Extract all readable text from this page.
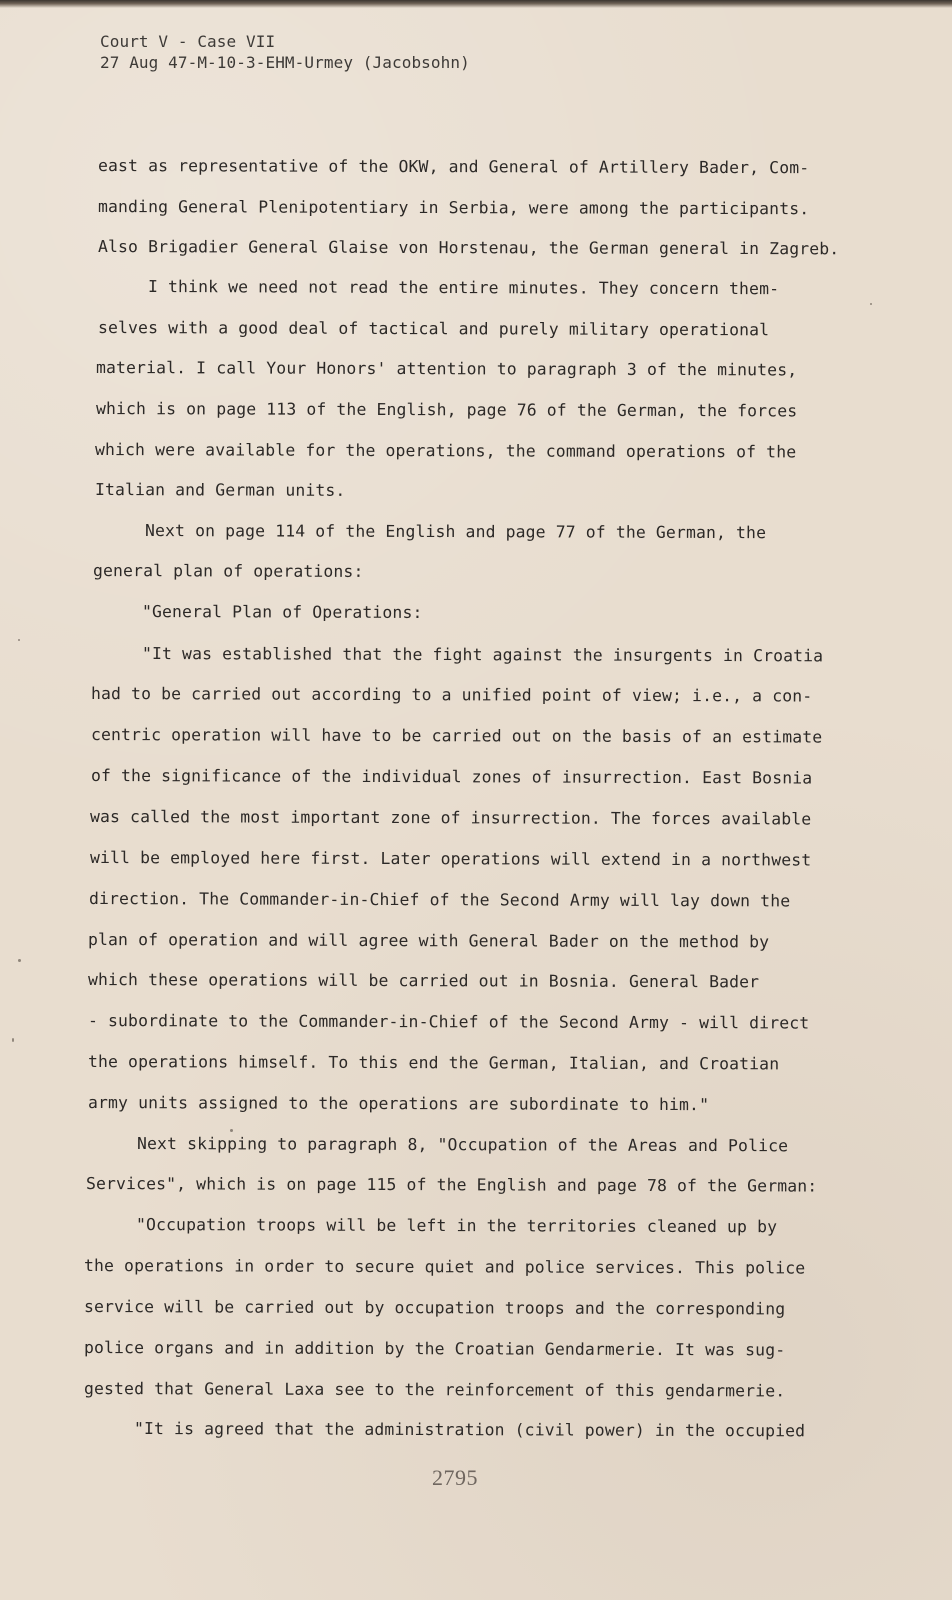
Court V - Case VII
27 Aug 47-M-10-3-EHM-Urmey (Jacobsohn)
east as representative of the OKW, and General of Artillery Bader, Com-
manding General Plenipotentiary in Serbia, were among the participants.
Also Brigadier General Glaise von Horstenau, the German general in Zagreb.
I think we need not read the entire minutes. They concern them-
selves with a good deal of tactical and purely military operational
material. I call Your Honors' attention to paragraph 3 of the minutes,
which is on page 113 of the English, page 76 of the German, the forces
which were available for the operations, the command operations of the
Italian and German units.
Next on page 114 of the English and page 77 of the German, the
general plan of operations:
"General Plan of Operations:
"It was established that the fight against the insurgents in Croatia
had to be carried out according to a unified point of view; i.e., a con-
centric operation will have to be carried out on the basis of an estimate
of the significance of the individual zones of insurrection. East Bosnia
was called the most important zone of insurrection. The forces available
will be employed here first. Later operations will extend in a northwest
direction. The Commander-in-Chief of the Second Army will lay down the
plan of operation and will agree with General Bader on the method by
which these operations will be carried out in Bosnia. General Bader
- subordinate to the Commander-in-Chief of the Second Army - will direct
the operations himself. To this end the German, Italian, and Croatian
army units assigned to the operations are subordinate to him."
Next skipping to paragraph 8, "Occupation of the Areas and Police
Services", which is on page 115 of the English and page 78 of the German:
"Occupation troops will be left in the territories cleaned up by
the operations in order to secure quiet and police services. This police
service will be carried out by occupation troops and the corresponding
police organs and in addition by the Croatian Gendarmerie. It was sug-
gested that General Laxa see to the reinforcement of this gendarmerie.
"It is agreed that the administration (civil power) in the occupied
2795
